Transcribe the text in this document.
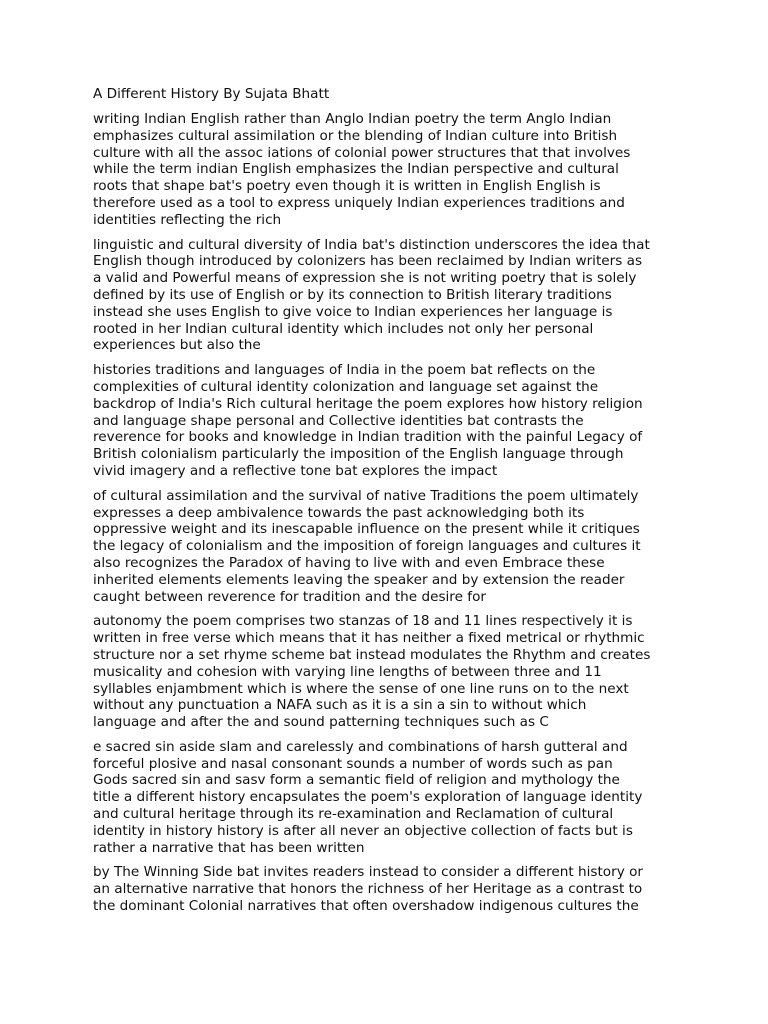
A Different History By Sujata Bhatt
writing Indian English rather than Anglo Indian poetry the term Anglo Indian
emphasizes cultural assimilation or the blending of Indian culture into British
culture with all the assoc iations of colonial power structures that that involves
while the term indian English emphasizes the Indian perspective and cultural
roots that shape bat's poetry even though it is written in English English is
therefore used as a tool to express uniquely Indian experiences traditions and
identities reflecting the rich
linguistic and cultural diversity of India bat's distinction underscores the idea that
English though introduced by colonizers has been reclaimed by Indian writers as
a valid and Powerful means of expression she is not writing poetry that is solely
defined by its use of English or by its connection to British literary traditions
instead she uses English to give voice to Indian experiences her language is
rooted in her Indian cultural identity which includes not only her personal
experiences but also the
histories traditions and languages of India in the poem bat reflects on the
complexities of cultural identity colonization and language set against the
backdrop of India's Rich cultural heritage the poem explores how history religion
and language shape personal and Collective identities bat contrasts the
reverence for books and knowledge in Indian tradition with the painful Legacy of
British colonialism particularly the imposition of the English language through
vivid imagery and a reflective tone bat explores the impact
of cultural assimilation and the survival of native Traditions the poem ultimately
expresses a deep ambivalence towards the past acknowledging both its
oppressive weight and its inescapable influence on the present while it critiques
the legacy of colonialism and the imposition of foreign languages and cultures it
also recognizes the Paradox of having to live with and even Embrace these
inherited elements elements leaving the speaker and by extension the reader
caught between reverence for tradition and the desire for
autonomy the poem comprises two stanzas of 18 and 11 lines respectively it is
written in free verse which means that it has neither a fixed metrical or rhythmic
structure nor a set rhyme scheme bat instead modulates the Rhythm and creates
musicality and cohesion with varying line lengths of between three and 11
syllables enjambment which is where the sense of one line runs on to the next
without any punctuation a NAFA such as it is a sin a sin to without which
language and after the and sound patterning techniques such as C
e sacred sin aside slam and carelessly and combinations of harsh gutteral and
forceful plosive and nasal consonant sounds a number of words such as pan
Gods sacred sin and sasv form a semantic field of religion and mythology the
title a different history encapsulates the poem's exploration of language identity
and cultural heritage through its re-examination and Reclamation of cultural
identity in history history is after all never an objective collection of facts but is
rather a narrative that has been written
by The Winning Side bat invites readers instead to consider a different history or
an alternative narrative that honors the richness of her Heritage as a contrast to
the dominant Colonial narratives that often overshadow indigenous cultures the
